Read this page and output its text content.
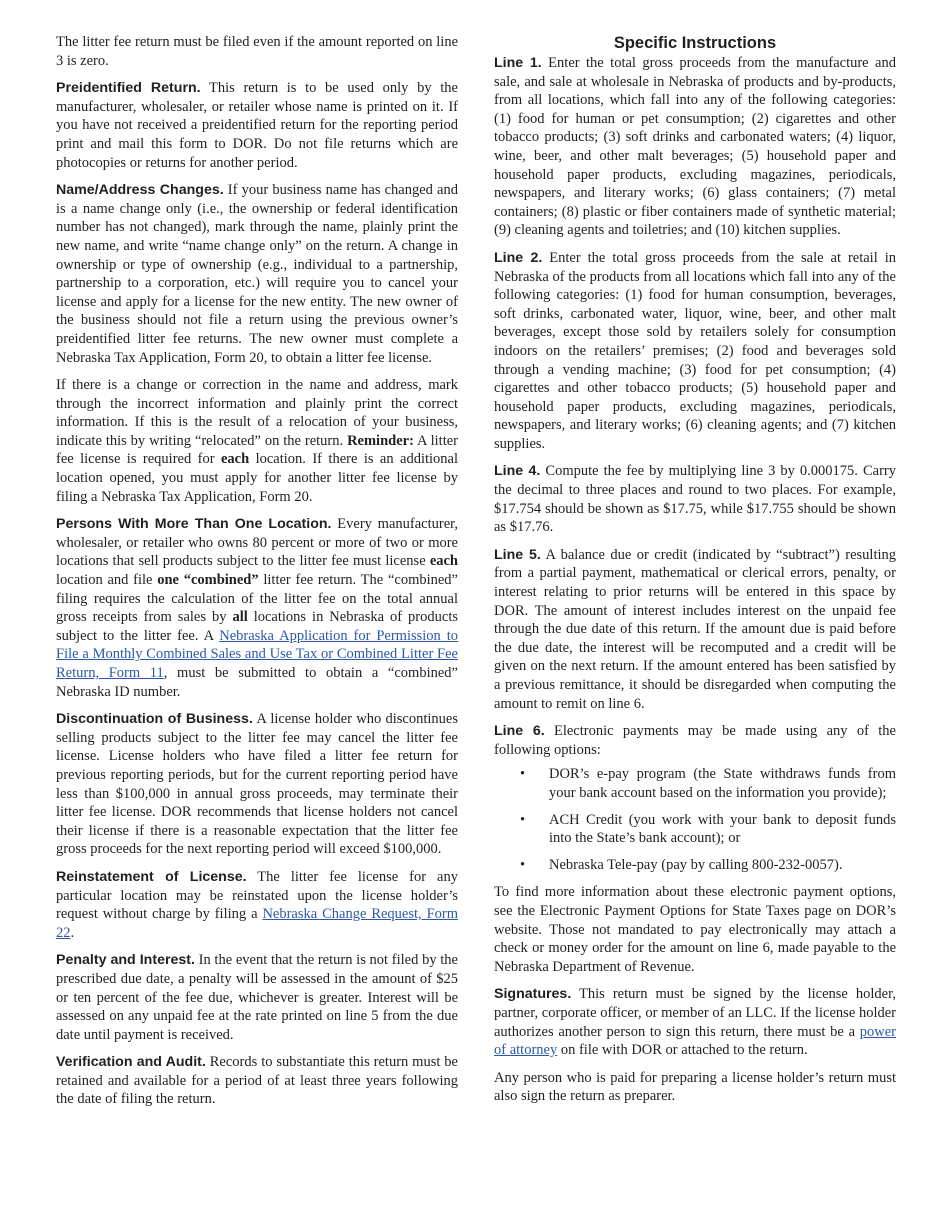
The litter fee return must be filed even if the amount reported on line 3 is zero.

Preidentified Return. This return is to be used only by the manufacturer, wholesaler, or retailer whose name is printed on it. If you have not received a preidentified return for the reporting period print and mail this form to DOR. Do not file returns which are photocopies or returns for another period.

Name/Address Changes. If your business name has changed and is a name change only (i.e., the ownership or federal identification number has not changed), mark through the name, plainly print the new name, and write “name change only” on the return. A change in ownership or type of ownership (e.g., individual to a partnership, partnership to a corporation, etc.) will require you to cancel your license and apply for a license for the new entity. The new owner of the business should not file a return using the previous owner’s preidentified litter fee returns. The new owner must complete a Nebraska Tax Application, Form 20, to obtain a litter fee license.

If there is a change or correction in the name and address, mark through the incorrect information and plainly print the correct information. If this is the result of a relocation of your business, indicate this by writing “relocated” on the return. Reminder: A litter fee license is required for each location. If there is an additional location opened, you must apply for another litter fee license by filing a Nebraska Tax Application, Form 20.

Persons With More Than One Location. Every manufacturer, wholesaler, or retailer who owns 80 percent or more of two or more locations that sell products subject to the litter fee must license each location and file one “combined” litter fee return. The “combined” filing requires the calculation of the litter fee on the total annual gross receipts from sales by all locations in Nebraska of products subject to the litter fee. A Nebraska Application for Permission to File a Monthly Combined Sales and Use Tax or Combined Litter Fee Return, Form 11, must be submitted to obtain a “combined” Nebraska ID number.

Discontinuation of Business. A license holder who discontinues selling products subject to the litter fee may cancel the litter fee license. License holders who have filed a litter fee return for previous reporting periods, but for the current reporting period have less than $100,000 in annual gross proceeds, may terminate their litter fee license. DOR recommends that license holders not cancel their license if there is a reasonable expectation that the litter fee gross proceeds for the next reporting period will exceed $100,000.

Reinstatement of License. The litter fee license for any particular location may be reinstated upon the license holder’s request without charge by filing a Nebraska Change Request, Form 22.

Penalty and Interest. In the event that the return is not filed by the prescribed due date, a penalty will be assessed in the amount of $25 or ten percent of the fee due, whichever is greater. Interest will be assessed on any unpaid fee at the rate printed on line 5 from the due date until payment is received.

Verification and Audit. Records to substantiate this return must be retained and available for a period of at least three years following the date of filing the return.

Specific Instructions

Line 1. Enter the total gross proceeds from the manufacture and sale, and sale at wholesale in Nebraska of products and by-products, from all locations, which fall into any of the following categories: (1) food for human or pet consumption; (2) cigarettes and other tobacco products; (3) soft drinks and carbonated waters; (4) liquor, wine, beer, and other malt beverages; (5) household paper and household paper products, excluding magazines, periodicals, newspapers, and literary works; (6) glass containers; (7) metal containers; (8) plastic or fiber containers made of synthetic material; (9) cleaning agents and toiletries; and (10) kitchen supplies.

Line 2. Enter the total gross proceeds from the sale at retail in Nebraska of the products from all locations which fall into any of the following categories: (1) food for human consumption, beverages, soft drinks, carbonated water, liquor, wine, beer, and other malt beverages, except those sold by retailers solely for consumption indoors on the retailers’ premises; (2) food and beverages sold through a vending machine; (3) food for pet consumption; (4) cigarettes and other tobacco products; (5) household paper and household paper products, excluding magazines, periodicals, newspapers, and literary works; (6) cleaning agents; and (7) kitchen supplies.

Line 4. Compute the fee by multiplying line 3 by 0.000175. Carry the decimal to three places and round to two places. For example, $17.754 should be shown as $17.75, while $17.755 should be shown as $17.76.

Line 5. A balance due or credit (indicated by “subtract”) resulting from a partial payment, mathematical or clerical errors, penalty, or interest relating to prior returns will be entered in this space by DOR. The amount of interest includes interest on the unpaid fee through the due date of this return. If the amount due is paid before the due date, the interest will be recomputed and a credit will be given on the next return. If the amount entered has been satisfied by a previous remittance, it should be disregarded when computing the amount to remit on line 6.

Line 6. Electronic payments may be made using any of the following options:

• DOR’s e-pay program (the State withdraws funds from your bank account based on the information you provide);
• ACH Credit (you work with your bank to deposit funds into the State’s bank account); or
• Nebraska Tele-pay (pay by calling 800-232-0057).

To find more information about these electronic payment options, see the Electronic Payment Options for State Taxes page on DOR’s website. Those not mandated to pay electronically may attach a check or money order for the amount on line 6, made payable to the Nebraska Department of Revenue.

Signatures. This return must be signed by the license holder, partner, corporate officer, or member of an LLC. If the license holder authorizes another person to sign this return, there must be a power of attorney on file with DOR or attached to the return.

Any person who is paid for preparing a license holder’s return must also sign the return as preparer.
